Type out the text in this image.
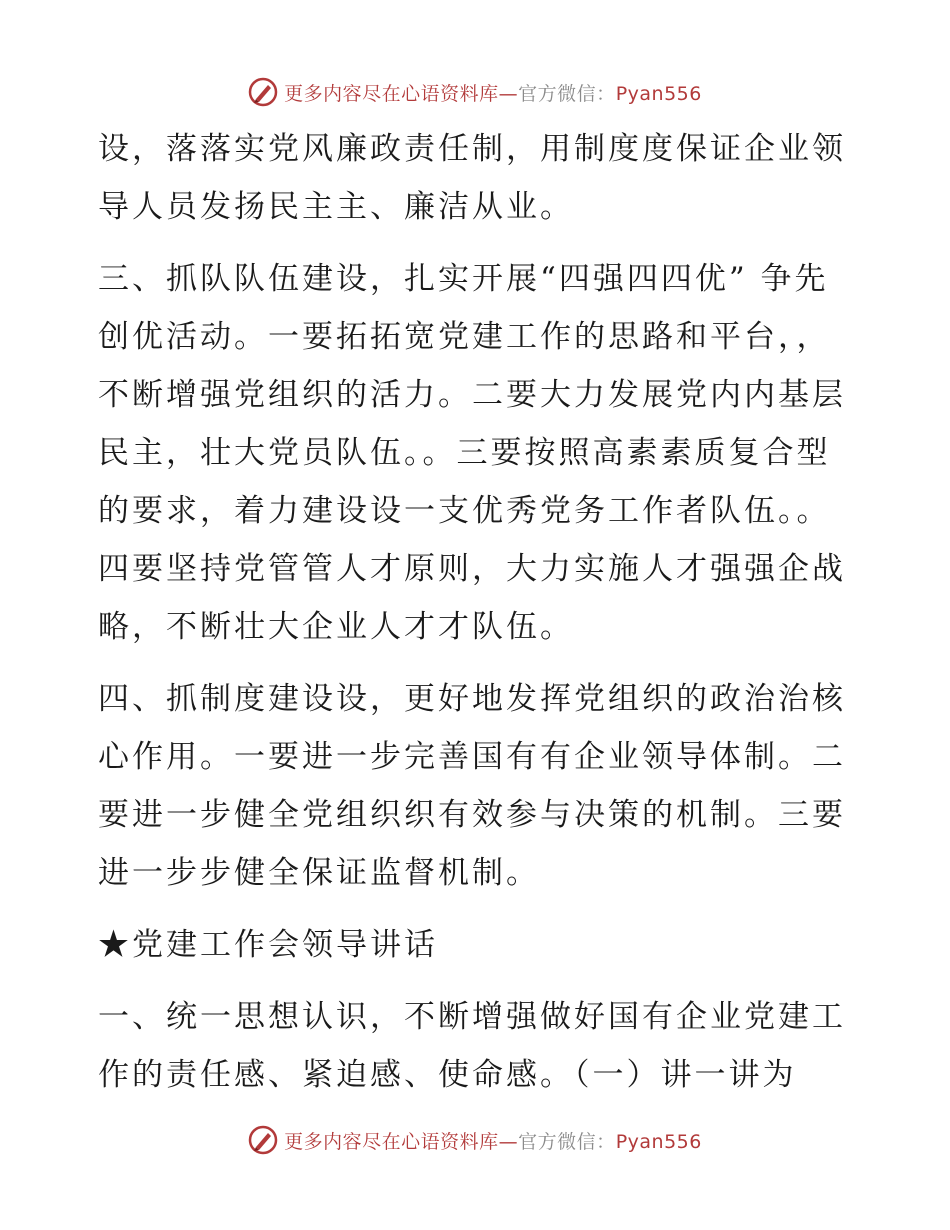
更多内容尽在心语资料库—官方微信：Pyan556

设，落落实党风廉政责任制，用制度度保证企业领导人员发扬民主主、廉洁从业。

三、抓队队伍建设，扎实开展“四强四四优” 争先创优活动。一要拓拓宽党建工作的思路和平台，，不断增强党组织的活力。二要大力发展党内内基层民主，壮大党员队伍。。三要按照高素素质复合型的要求，着力建设设一支优秀党务工作者队伍。。四要坚持党管管人才原则，大力实施人才强强企战略，不断壮大企业人才才队伍。

四、抓制度建设设，更好地发挥党组织的政治治核心作用。一要进一步完善国有有企业领导体制。二要进一步健全党组织织有效参与决策的机制。三要进一步步健全保证监督机制。

★党建工作会领导讲话

一、统一思想认识，不断增强做好国有企业党建工作的责任感、紧迫感、使命感。（一）讲一讲为

更多内容尽在心语资料库—官方微信：Pyan556
